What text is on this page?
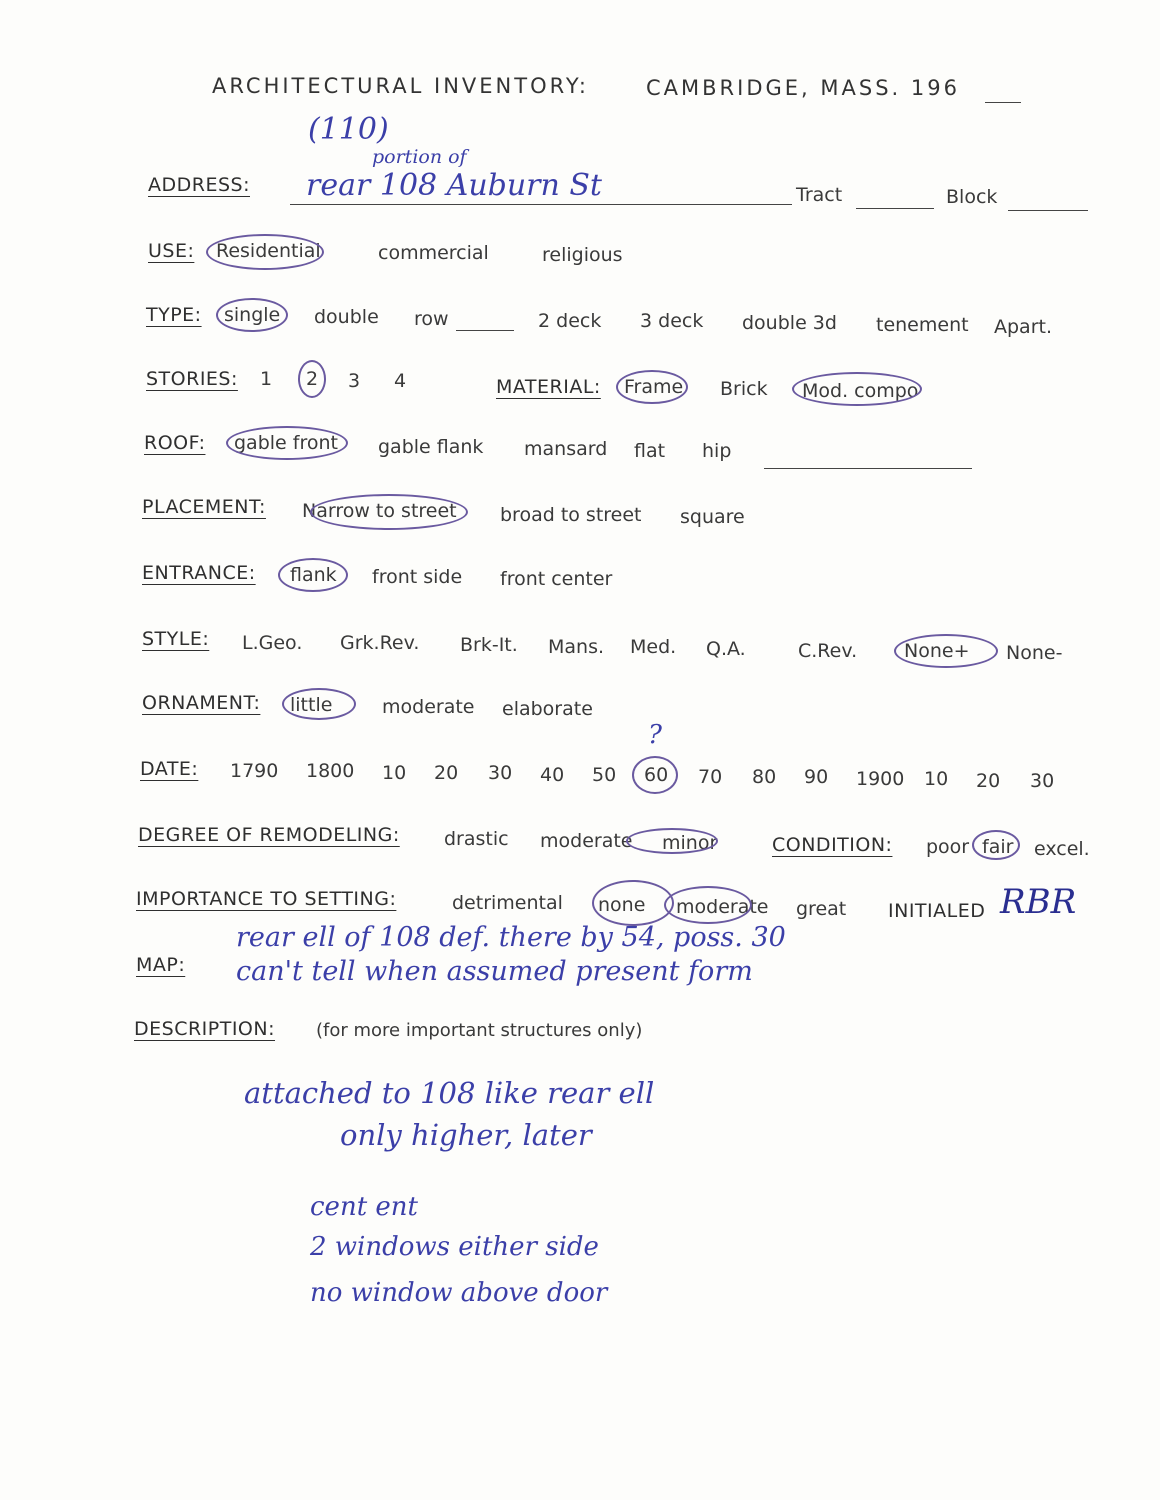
ARCHITECTURAL INVENTORY:	CAMBRIDGE, MASS. 196
ADDRESS:
(110)
portion of
rear 108 Auburn St	Tract	Block
USE: Residential	commercial	religious
TYPE: single double row	2 deck 3 deck double 3d tenement Apart.
STORIES: 1 2 3 4	MATERIAL: Frame Brick Mod. compo
ROOF: gable front gable flank mansard flat hip
PLACEMENT: Narrow to street broad to street square
ENTRANCE: flank front side front center
STYLE: L.Geo. Grk.Rev. Brk-It. Mans. Med. Q.A.	C.Rev. None+ None-
ORNAMENT: little	moderate elaborate
DATE: 1790 1800 10 20 30 40 50 60 70 80 90 1900 10 20 30
?
DEGREE OF REMODELING: drastic moderate minor	CONDITION: poor fair excel.
IMPORTANCE TO SETTING:	detrimental none moderate great INITIALED RBR
MAP:
rear ell of 108 def. there by 54, poss. 30
can't tell when assumed present form
DESCRIPTION: (for more important structures only)
attached to 108 like rear ell
only higher, later
cent ent
2 windows either side
no window above door
